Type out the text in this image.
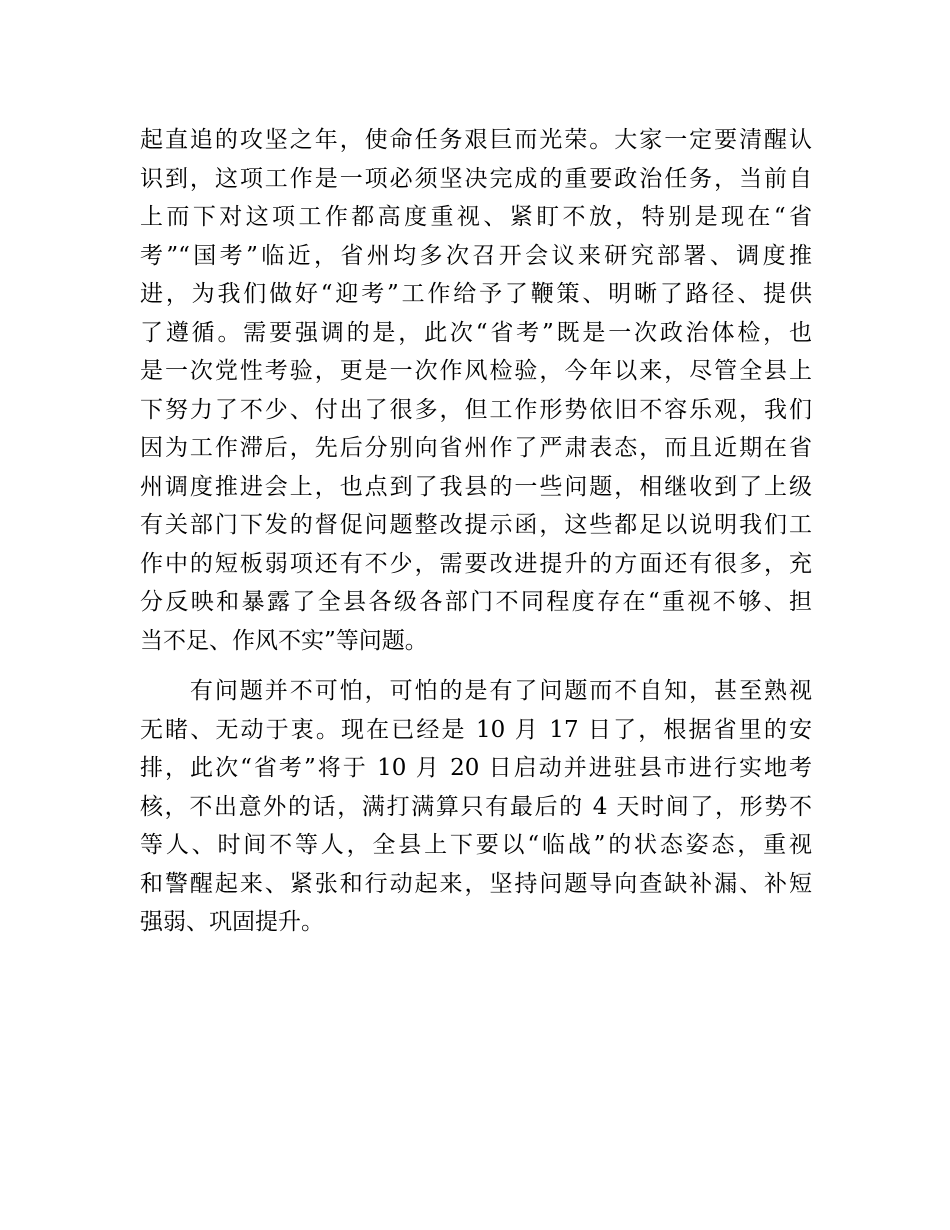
起直追的攻坚之年，使命任务艰巨而光荣。大家一定要清醒认
识到，这项工作是一项必须坚决完成的重要政治任务，当前自
上而下对这项工作都高度重视、紧盯不放，特别是现在“省
考”“国考”临近，省州均多次召开会议来研究部署、调度推
进，为我们做好“迎考”工作给予了鞭策、明晰了路径、提供
了遵循。需要强调的是，此次“省考”既是一次政治体检，也
是一次党性考验，更是一次作风检验，今年以来，尽管全县上
下努力了不少、付出了很多，但工作形势依旧不容乐观，我们
因为工作滞后，先后分别向省州作了严肃表态，而且近期在省
州调度推进会上，也点到了我县的一些问题，相继收到了上级
有关部门下发的督促问题整改提示函，这些都足以说明我们工
作中的短板弱项还有不少，需要改进提升的方面还有很多，充
分反映和暴露了全县各级各部门不同程度存在“重视不够、担
当不足、作风不实”等问题。
　　有问题并不可怕，可怕的是有了问题而不自知，甚至熟视
无睹、无动于衷。现在已经是 10 月 17 日了，根据省里的安
排，此次“省考”将于 10 月 20 日启动并进驻县市进行实地考
核，不出意外的话，满打满算只有最后的 4 天时间了，形势不
等人、时间不等人，全县上下要以“临战”的状态姿态，重视
和警醒起来、紧张和行动起来，坚持问题导向查缺补漏、补短
强弱、巩固提升。
